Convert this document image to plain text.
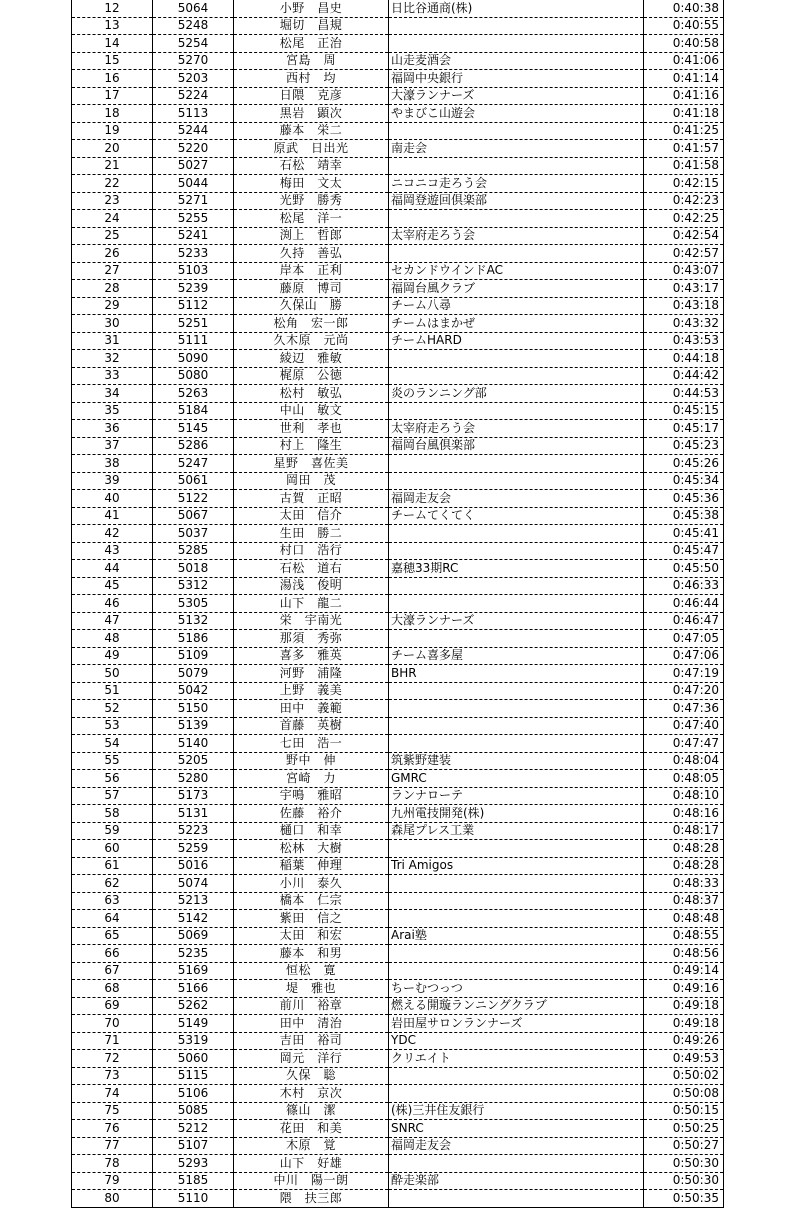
12	5064	小野　昌史	日比谷通商(株)	0:40:38
13	5248	堀切　昌規		0:40:55
14	5254	松尾　正治		0:40:58
15	5270	宮島　周	山走麦酒会	0:41:06
16	5203	西村　均	福岡中央銀行	0:41:14
17	5224	日隈　克彦	大濠ランナーズ	0:41:16
18	5113	黒岩　顕次	やまびこ山遊会	0:41:18
19	5244	藤本　栄二		0:41:25
20	5220	原武　日出光	南走会	0:41:57
21	5027	石松　靖幸		0:41:58
22	5044	梅田　文太	ニコニコ走ろう会	0:42:15
23	5271	光野　勝秀	福岡登遊回倶楽部	0:42:23
24	5255	松尾　洋一		0:42:25
25	5241	渕上　哲郎	太宰府走ろう会	0:42:54
26	5233	久持　善弘		0:42:57
27	5103	岸本　正利	セカンドウインドAC	0:43:07
28	5239	藤原　博司	福岡台風クラブ	0:43:17
29	5112	久保山　勝	チーム八尋	0:43:18
30	5251	松角　宏一郎	チームはまかぜ	0:43:32
31	5111	久木原　元尚	チームHARD	0:43:53
32	5090	綾辺　雅敏		0:44:18
33	5080	梶原　公徳		0:44:42
34	5263	松村　敏弘	炎のランニング部	0:44:53
35	5184	中山　敏文		0:45:15
36	5145	世利　孝也	太宰府走ろう会	0:45:17
37	5286	村上　隆生	福岡台風倶楽部	0:45:23
38	5247	星野　喜佐美		0:45:26
39	5061	岡田　茂		0:45:34
40	5122	古賀　正昭	福岡走友会	0:45:36
41	5067	太田　信介	チームてくてく	0:45:38
42	5037	生田　勝二		0:45:41
43	5285	村口　浩行		0:45:47
44	5018	石松　道右	嘉穂33期RC	0:45:50
45	5312	湯浅　俊明		0:46:33
46	5305	山下　龍二		0:46:44
47	5132	栄　宇南光	大濠ランナーズ	0:46:47
48	5186	那須　秀弥		0:47:05
49	5109	喜多　雅英	チーム喜多屋	0:47:06
50	5079	河野　浦隆	BHR	0:47:19
51	5042	上野　義美		0:47:20
52	5150	田中　義範		0:47:36
53	5139	首藤　英樹		0:47:40
54	5140	七田　浩一		0:47:47
55	5205	野中　伸	筑紫野建装	0:48:04
56	5280	宮崎　力	GMRC	0:48:05
57	5173	宇鳴　雅昭	ランナローテ	0:48:10
58	5131	佐藤　裕介	九州電技開発(株)	0:48:16
59	5223	樋口　和幸	森尾プレス工業	0:48:17
60	5259	松林　大樹		0:48:28
61	5016	稲葉　伸理	Tri Amigos	0:48:28
62	5074	小川　泰久		0:48:33
63	5213	橋本　仁宗		0:48:37
64	5142	紫田　信之		0:48:48
65	5069	太田　和宏	Arai塾	0:48:55
66	5235	藤本　和男		0:48:56
67	5169	恒松　寛		0:49:14
68	5166	堤　雅也	ちーむつっつ	0:49:16
69	5262	前川　裕章	燃える開璇ランニングクラブ	0:49:18
70	5149	田中　清治	岩田屋サロンランナーズ	0:49:18
71	5319	吉田　裕司	YDC	0:49:26
72	5060	岡元　洋行	クリエイト	0:49:53
73	5115	久保　聡		0:50:02
74	5106	木村　京次		0:50:08
75	5085	篠山　潔	(株)三井住友銀行	0:50:15
76	5212	花田　和美	SNRC	0:50:25
77	5107	木原　覚	福岡走友会	0:50:27
78	5293	山下　好雄		0:50:30
79	5185	中川　陽一朗	酔走楽部	0:50:30
80	5110	隈　扶三郎		0:50:35
